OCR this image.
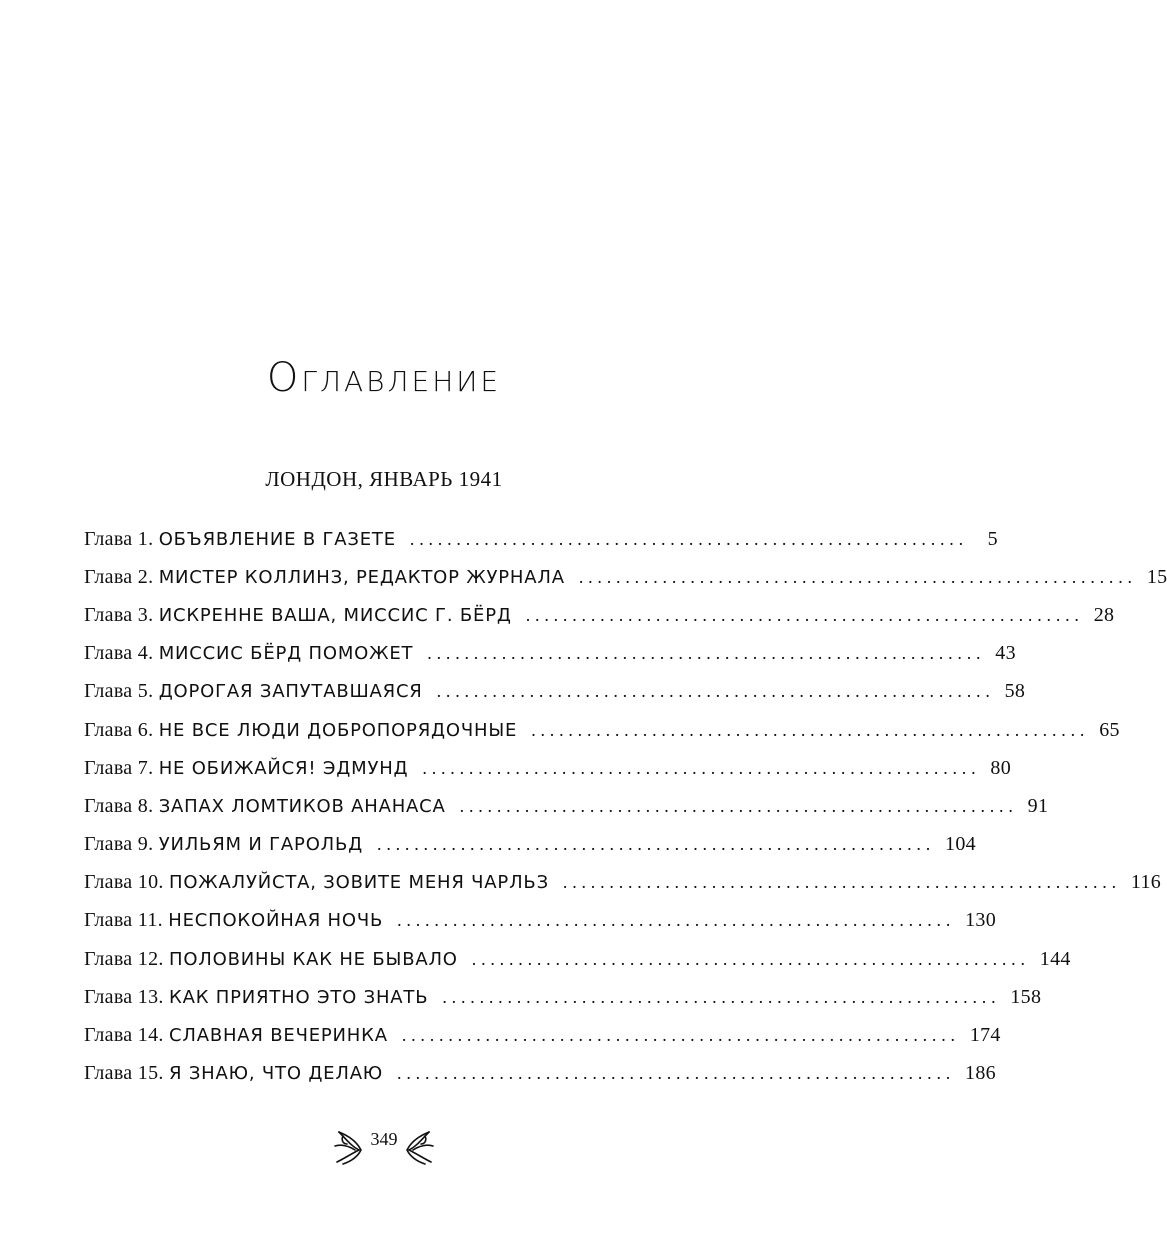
Оглавление
ЛОНДОН, ЯНВАРЬ 1941
Глава 1. ОБЪЯВЛЕНИЕ В ГАЗЕТЕ ............................................................ 5
Глава 2. МИСТЕР КОЛЛИНЗ, РЕДАКТОР ЖУРНАЛА ............................................................ 15
Глава 3. ИСКРЕННЕ ВАША, МИССИС Г. БЁРД ............................................................ 28
Глава 4. МИССИС БЁРД ПОМОЖЕТ ............................................................ 43
Глава 5. ДОРОГАЯ ЗАПУТАВШАЯСЯ ............................................................ 58
Глава 6. НЕ ВСЕ ЛЮДИ ДОБРОПОРЯДОЧНЫЕ ............................................................ 65
Глава 7. НЕ ОБИЖАЙСЯ! ЭДМУНД ............................................................ 80
Глава 8. ЗАПАХ ЛОМТИКОВ АНАНАСА ............................................................ 91
Глава 9. УИЛЬЯМ И ГАРОЛЬД ............................................................ 104
Глава 10. ПОЖАЛУЙСТА, ЗОВИТЕ МЕНЯ ЧАРЛЬЗ ............................................................ 116
Глава 11. НЕСПОКОЙНАЯ НОЧЬ ............................................................ 130
Глава 12. ПОЛОВИНЫ КАК НЕ БЫВАЛО ............................................................ 144
Глава 13. КАК ПРИЯТНО ЭТО ЗНАТЬ ............................................................ 158
Глава 14. СЛАВНАЯ ВЕЧЕРИНКА ............................................................ 174
Глава 15. Я ЗНАЮ, ЧТО ДЕЛАЮ ............................................................ 186
349
